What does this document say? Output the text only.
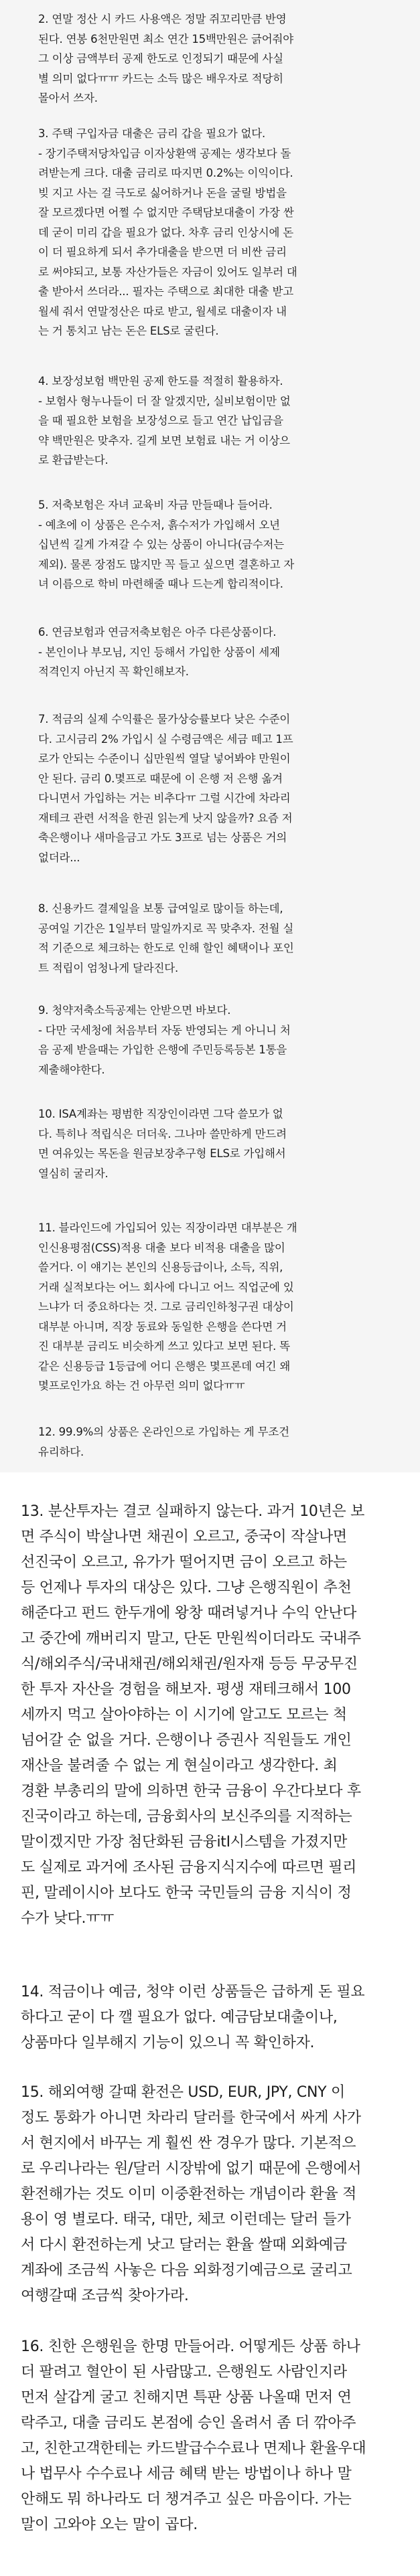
2. 연말 정산 시 카드 사용액은 정말 쥐꼬리만큼 반영
된다. 연봉 6천만원면 최소 연간 15백만원은 긁어줘야
그 이상 금액부터 공제 한도로 인정되기 때문에 사실
별 의미 없다ㅠㅠ 카드는 소득 많은 배우자로 적당히
몰아서 쓰자.
3. 주택 구입자금 대출은 금리 갑을 필요가 없다.
- 장기주택저당차입금 이자상환액 공제는 생각보다 돌
려받는게 크다. 대출 금리로 따지면 0.2%는 이익이다.
빚 지고 사는 걸 극도로 싫어하거나 돈을 굴릴 방법을
잘 모르겠다면 어쩔 수 없지만 주택담보대출이 가장 싼
데 굳이 미리 갑을 필요가 없다. 차후 금리 인상시에 돈
이 더 필요하게 되서 추가대출을 받으면 더 비싼 금리
로 써야되고, 보통 자산가들은 자금이 있어도 일부러 대
출 받아서 쓰더라... 필자는 주택으로 최대한 대출 받고
월세 줘서 연말정산은 따로 받고, 월세로 대출이자 내
는 거 통치고 남는 돈은 ELS로 굴린다.
4. 보장성보험 백만원 공제 한도를 적절히 활용하자.
- 보험사 형누나들이 더 잘 알겠지만, 실비보험이만 없
을 때 필요한 보험을 보장성으로 들고 연간 납입금을
약 백만원은 맞추자. 길게 보면 보험료 내는 거 이상으
로 환급받는다.
5. 저축보험은 자녀 교육비 자금 만들때나 들어라.
- 예초에 이 상품은 은수저, 흙수저가 가입해서 오년
십년씩 길게 가져갈 수 있는 상품이 아니다(금수저는
제외). 물론 장점도 많지만 꼭 들고 싶으면 결혼하고 자
녀 이름으로 학비 마련해줄 때나 드는게 합리적이다.
6. 연금보험과 연금저축보험은 아주 다른상품이다.
- 본인이나 부모님, 지인 등해서 가입한 상품이 세제
적격인지 아닌지 꼭 확인해보자.
7. 적금의 실제 수익률은 물가상승률보다 낮은 수준이
다. 고시금리 2% 가입시 실 수령금액은 세금 떼고 1프
로가 안되는 수준이니 십만원씩 열달 넣어봐야 만원이
안 된다. 금리 0.몇프로 때문에 이 은행 저 은행 옮겨
다니면서 가입하는 거는 비추다ㅠ 그럴 시간에 차라리
재테크 관련 서적을 한권 읽는게 낫지 않을까? 요즘 저
축은행이나 새마을금고 가도 3프로 넘는 상품은 거의
없더라...
8. 신용카드 결제일을 보통 급여일로 많이들 하는데,
공여일 기간은 1일부터 말일까지로 꼭 맞추자. 전월 실
적 기준으로 체크하는 한도로 인해 할인 혜택이나 포인
트 적립이 엄청나게 달라진다.
9. 청약저축소득공제는 안받으면 바보다.
- 다만 국세청에 처음부터 자동 반영되는 게 아니니 처
음 공제 받을때는 가입한 은행에 주민등록등본 1통을
제출해야한다.
10. ISA계좌는 평범한 직장인이라면 그닥 쓸모가 없
다. 특히나 적립식은 더더욱. 그나마 쓸만하게 만드려
면 여유있는 목돈을 원금보장추구형 ELS로 가입해서
열심히 굴리자.
11. 블라인드에 가입되어 있는 직장이라면 대부분은 개
인신용평점(CSS)적용 대출 보다 비적용 대출을 많이
쓸거다. 이 얘기는 본인의 신용등급이나, 소득, 직위,
거래 실적보다는 어느 회사에 다니고 어느 직업군에 있
느냐가 더 중요하다는 것. 그로 금리인하청구권 대상이
대부분 아니며, 직장 동료와 동일한 은행을 쓴다면 거
진 대부분 금리도 비슷하게 쓰고 있다고 보면 된다. 똑
같은 신용등급 1등급에 어디 은행은 몇프론데 여긴 왜
몇프로인가요 하는 건 아무런 의미 없다ㅠㅠ
12. 99.9%의 상품은 온라인으로 가입하는 게 무조건
유리하다.
13. 분산투자는 결코 실패하지 않는다. 과거 10년은 보
면 주식이 박살나면 채권이 오르고, 중국이 작살나면
선진국이 오르고, 유가가 떨어지면 금이 오르고 하는
등 언제나 투자의 대상은 있다. 그냥 은행직원이 추천
해준다고 펀드 한두개에 왕창 때려넣거나 수익 안난다
고 중간에 깨버리지 말고, 단돈 만원씩이더라도 국내주
식/해외주식/국내채권/해외채권/원자재 등등 무궁무진
한 투자 자산을 경험을 해보자. 평생 재테크해서 100
세까지 먹고 살아야하는 이 시기에 알고도 모르는 척
넘어갈 순 없을 거다. 은행이나 증권사 직원들도 개인
재산을 불려줄 수 없는 게 현실이라고 생각한다. 최
경환 부총리의 말에 의하면 한국 금융이 우간다보다 후
진국이라고 하는데, 금융회사의 보신주의를 지적하는
말이겠지만 가장 첨단화된 금융itI시스템을 가졌지만
도 실제로 과거에 조사된 금융지식지수에 따르면 필리
핀, 말레이시아 보다도 한국 국민들의 금융 지식이 정
수가 낮다.ㅠㅠ
14. 적금이나 예금, 청약 이런 상품들은 급하게 돈 필요
하다고 굳이 다 깰 필요가 없다. 예금담보대출이나,
상품마다 일부해지 기능이 있으니 꼭 확인하자.
15. 해외여행 갈때 환전은 USD, EUR, JPY, CNY 이
정도 통화가 아니면 차라리 달러를 한국에서 싸게 사가
서 현지에서 바꾸는 게 훨씬 싼 경우가 많다. 기본적으
로 우리나라는 원/달러 시장밖에 없기 때문에 은행에서
환전해가는 것도 이미 이중환전하는 개념이라 환율 적
용이 영 별로다. 태국, 대만, 체코 이런데는 달러 들가
서 다시 환전하는게 낫고 달러는 환율 쌀때 외화예금
계좌에 조금씩 사놓은 다음 외화정기예금으로 굴리고
여행갈때 조금씩 찾아가라.
16. 친한 은행원을 한명 만들어라. 어떻게든 상품 하나
더 팔려고 혈안이 된 사람많고. 은행원도 사람인지라
먼저 살갑게 굴고 친해지면 특판 상품 나올때 먼저 연
락주고, 대출 금리도 본점에 승인 올려서 좀 더 깎아주
고, 친한고객한테는 카드발급수수료나 면제나 환율우대
나 법무사 수수료나 세금 혜택 받는 방법이나 하나 말
안해도 뭐 하나라도 더 챙겨주고 싶은 마음이다. 가는
말이 고와야 오는 말이 곱다.
